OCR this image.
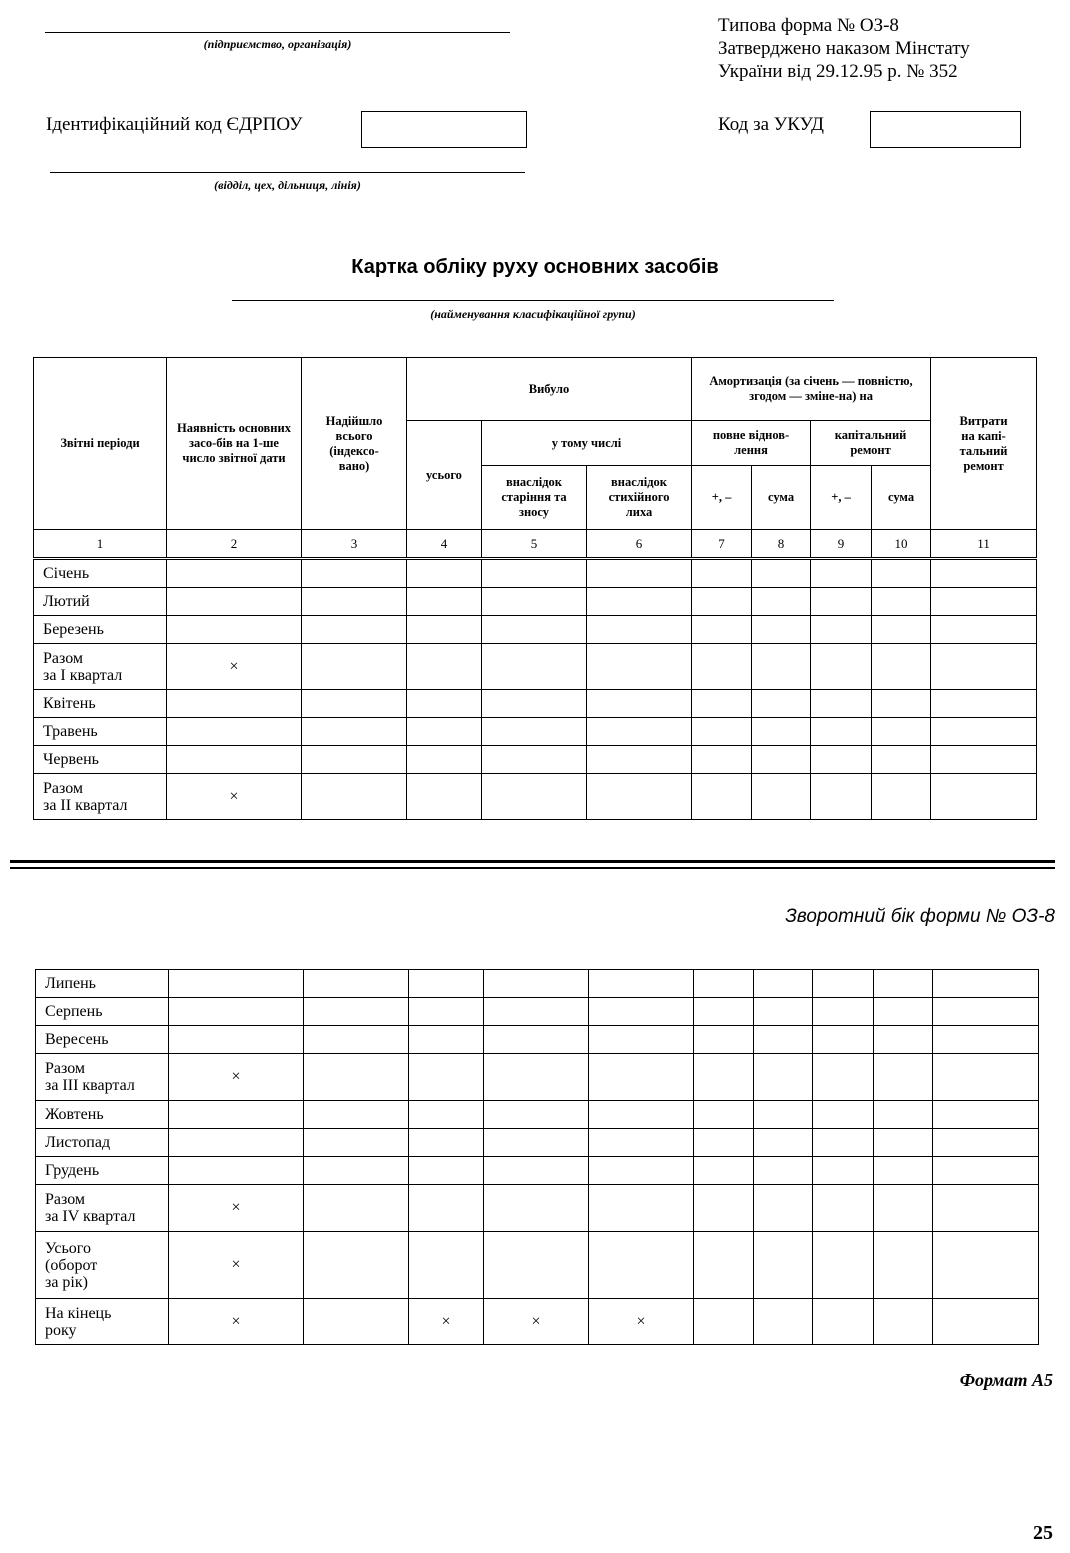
(підприємство, організація)
Типова форма № ОЗ-8
Затверджено наказом Мінстату
України від 29.12.95 р. № 352
Ідентифікаційний код ЄДРПОУ	Код за УКУД
(відділ, цех, дільниця, лінія)
Картка обліку руху основних засобів
(найменування класифікаційної групи)
Звітні періоди	Наявність основних засо-бів на 1-ше число звітної дати	Надійшло всього (індексо-вано)	Вибуло			Амортизація (за січень — повністю, згодом — зміне-на) на				Витрати на капі-тальний ремонт
			усього	у тому числі		повне віднов-лення		капітальний ремонт		
				внаслідок старіння та зносу	внаслідок стихійного лиха	+, –	сума	+, –	сума	
1	2	3	4	5	6	7	8	9	10	11
Січень										
Лютий										
Березень										

Разом
за I квартал	×									
Квітень										
Травень										
Червень										

Разом
за II квартал	×									
Зворотний бік форми № ОЗ-8
Липень										
Серпень										
Вересень										

Разом
за III квартал	×									
Жовтень										
Листопад										
Грудень										

Разом
за IV квартал	×									

Усього
(оборот
за рік)	×									

На кінець
року	×		×	×	×					
Формат А5
25
